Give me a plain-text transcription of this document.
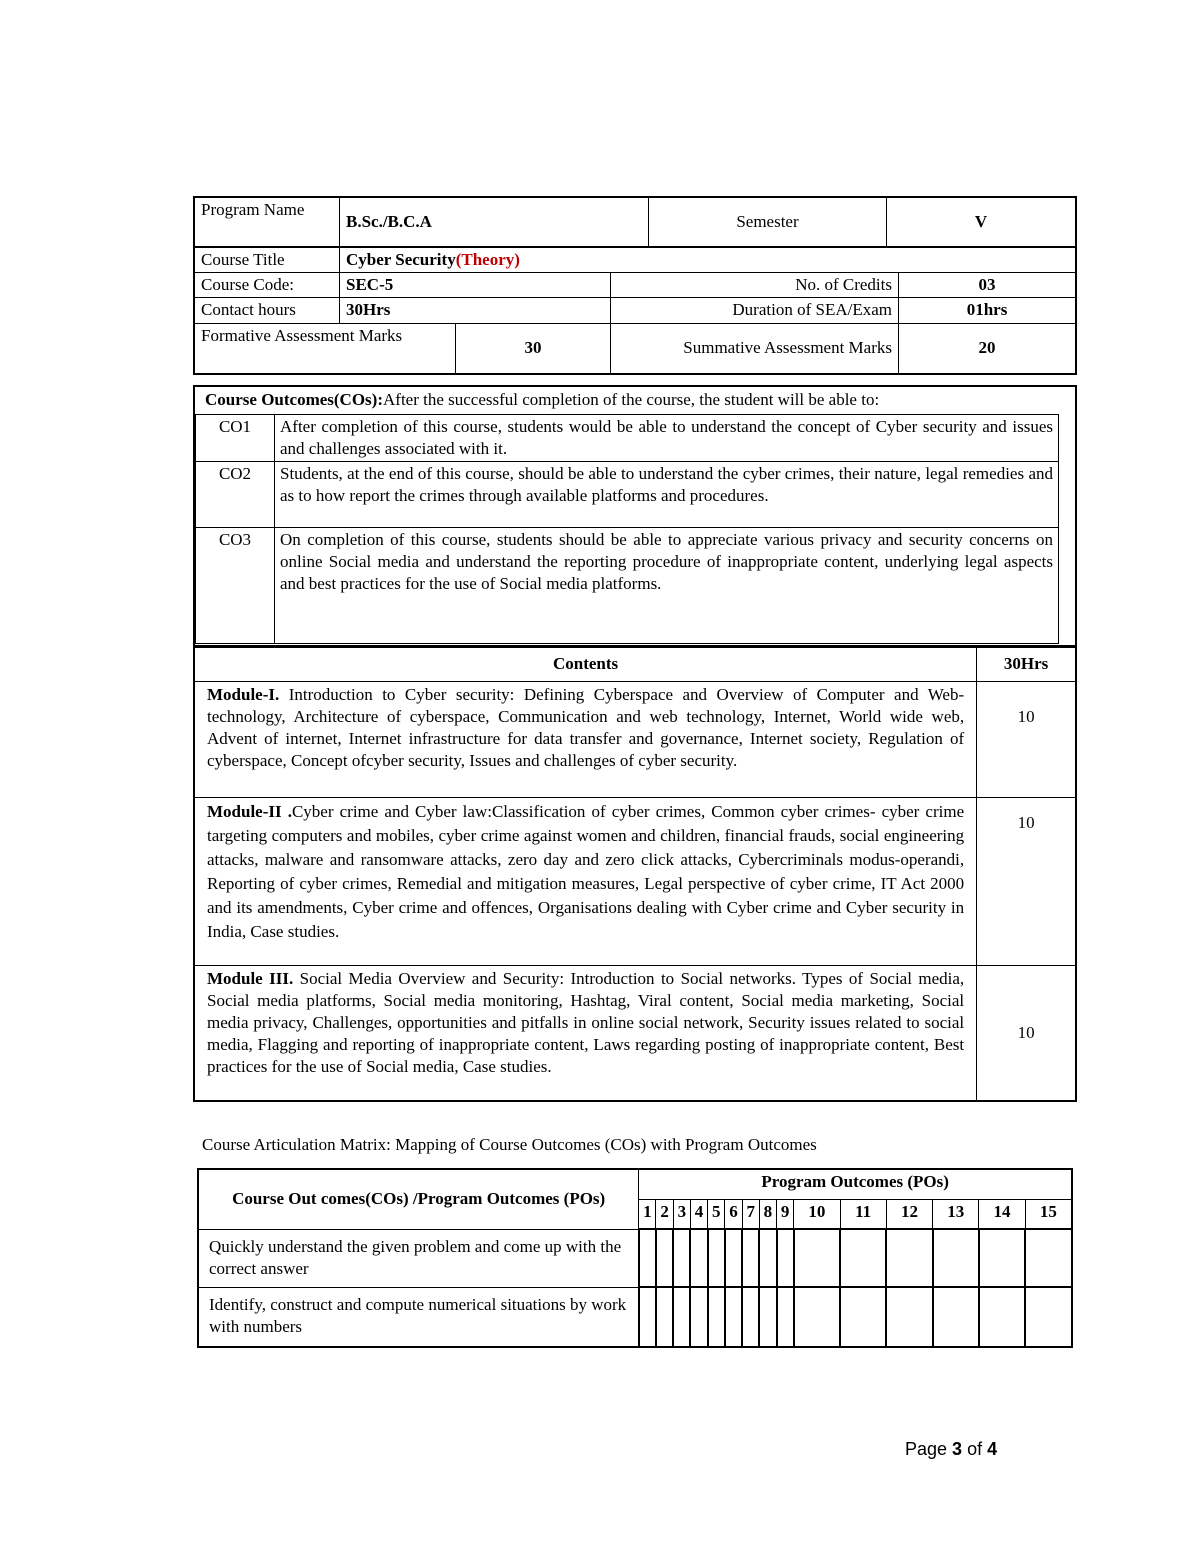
Program Name	B.Sc./B.C.A	Semester	V
Course Title	Cyber Security(Theory)		
Course Code:	SEC-5	No. of Credits	03
Contact hours	30Hrs	Duration of SEA/Exam	01hrs
Formative Assessment Marks	30	Summative Assessment Marks	20
Course Outcomes(COs):After the successful completion of the course, the student will be able to:
CO1	After completion of this course, students would be able to understand the concept of Cyber security and issues and challenges associated with it.
CO2	Students, at the end of this course, should be able to understand the cyber crimes, their nature, legal remedies and as to how report the crimes through available platforms and procedures.
CO3	On completion of this course, students should be able to appreciate various privacy and security concerns on online Social media and understand the reporting procedure of inappropriate content, underlying legal aspects and best practices for the use of Social media platforms.
Contents	30Hrs
Module-I. Introduction to Cyber security: Defining Cyberspace and Overview of Computer and Web-technology, Architecture of cyberspace, Communication and web technology, Internet, World wide web, Advent of internet, Internet infrastructure for data transfer and governance, Internet society, Regulation of cyberspace, Concept ofcyber security, Issues and challenges of cyber security.	10
Module-II .Cyber crime and Cyber law:Classification of cyber crimes, Common cyber crimes- cyber crime targeting computers and mobiles, cyber crime against women and children, financial frauds, social engineering attacks, malware and ransomware attacks, zero day and zero click attacks, Cybercriminals modus-operandi, Reporting of cyber crimes, Remedial and mitigation measures, Legal perspective of cyber crime, IT Act 2000 and its amendments, Cyber crime and offences, Organisations dealing with Cyber crime and Cyber security in India, Case studies.	10
Module III. Social Media Overview and Security: Introduction to Social networks. Types of Social media, Social media platforms, Social media monitoring, Hashtag, Viral content, Social media marketing, Social media privacy, Challenges, opportunities and pitfalls in online social network, Security issues related to social media, Flagging and reporting of inappropriate content, Laws regarding posting of inappropriate content, Best practices for the use of Social media, Case studies.	10
Course Articulation Matrix: Mapping of Course Outcomes (COs) with Program Outcomes
Course Out comes(COs) /Program Outcomes (POs)	Program Outcomes (POs)														
	1	2	3	4	5	6	7	8	9	10	11	12	13	14	15
Quickly understand the given problem and come up with the correct answer															
Identify, construct and compute numerical situations by work with numbers															
Page 3 of 4
